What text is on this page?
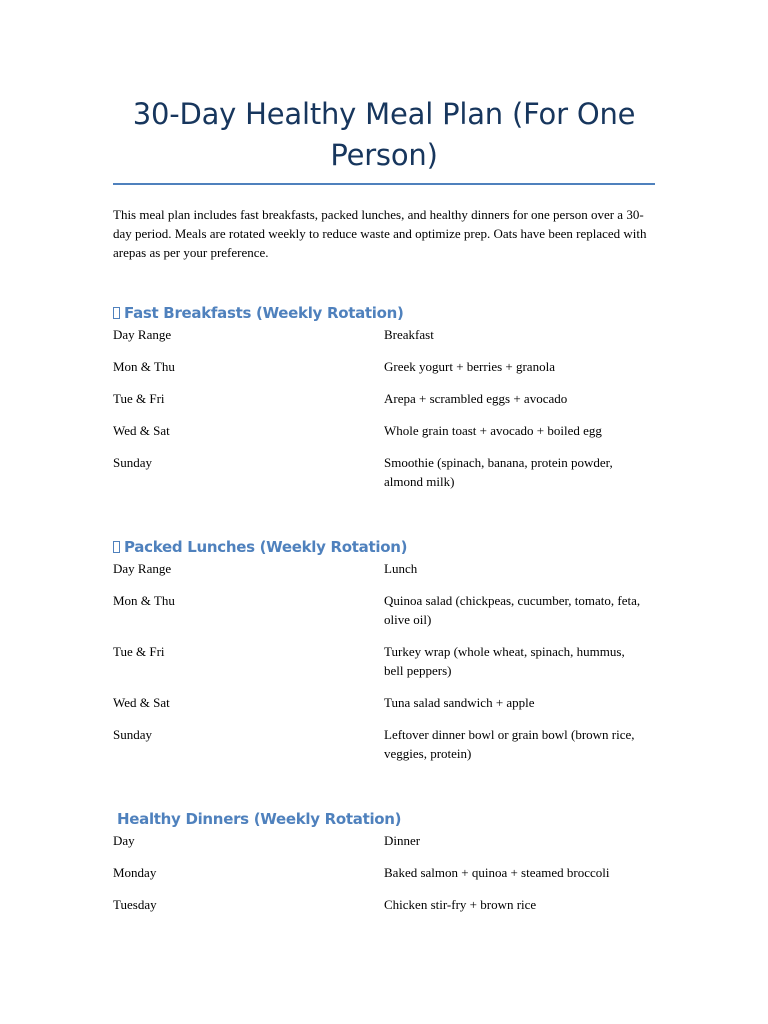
30-Day Healthy Meal Plan (For One Person)

This meal plan includes fast breakfasts, packed lunches, and healthy dinners for one person over a 30-day period. Meals are rotated weekly to reduce waste and optimize prep. Oats have been replaced with arepas as per your preference.

Fast Breakfasts (Weekly Rotation)
Day Range	Breakfast
Mon & Thu	Greek yogurt + berries + granola
Tue & Fri	Arepa + scrambled eggs + avocado
Wed & Sat	Whole grain toast + avocado + boiled egg
Sunday	Smoothie (spinach, banana, protein powder, almond milk)
Packed Lunches (Weekly Rotation)
Day Range	Lunch
Mon & Thu	Quinoa salad (chickpeas, cucumber, tomato, feta, olive oil)
Tue & Fri	Turkey wrap (whole wheat, spinach, hummus, bell peppers)
Wed & Sat	Tuna salad sandwich + apple
Sunday	Leftover dinner bowl or grain bowl (brown rice, veggies, protein)
Healthy Dinners (Weekly Rotation)
Day	Dinner
Monday	Baked salmon + quinoa + steamed broccoli
Tuesday	Chicken stir-fry + brown rice
